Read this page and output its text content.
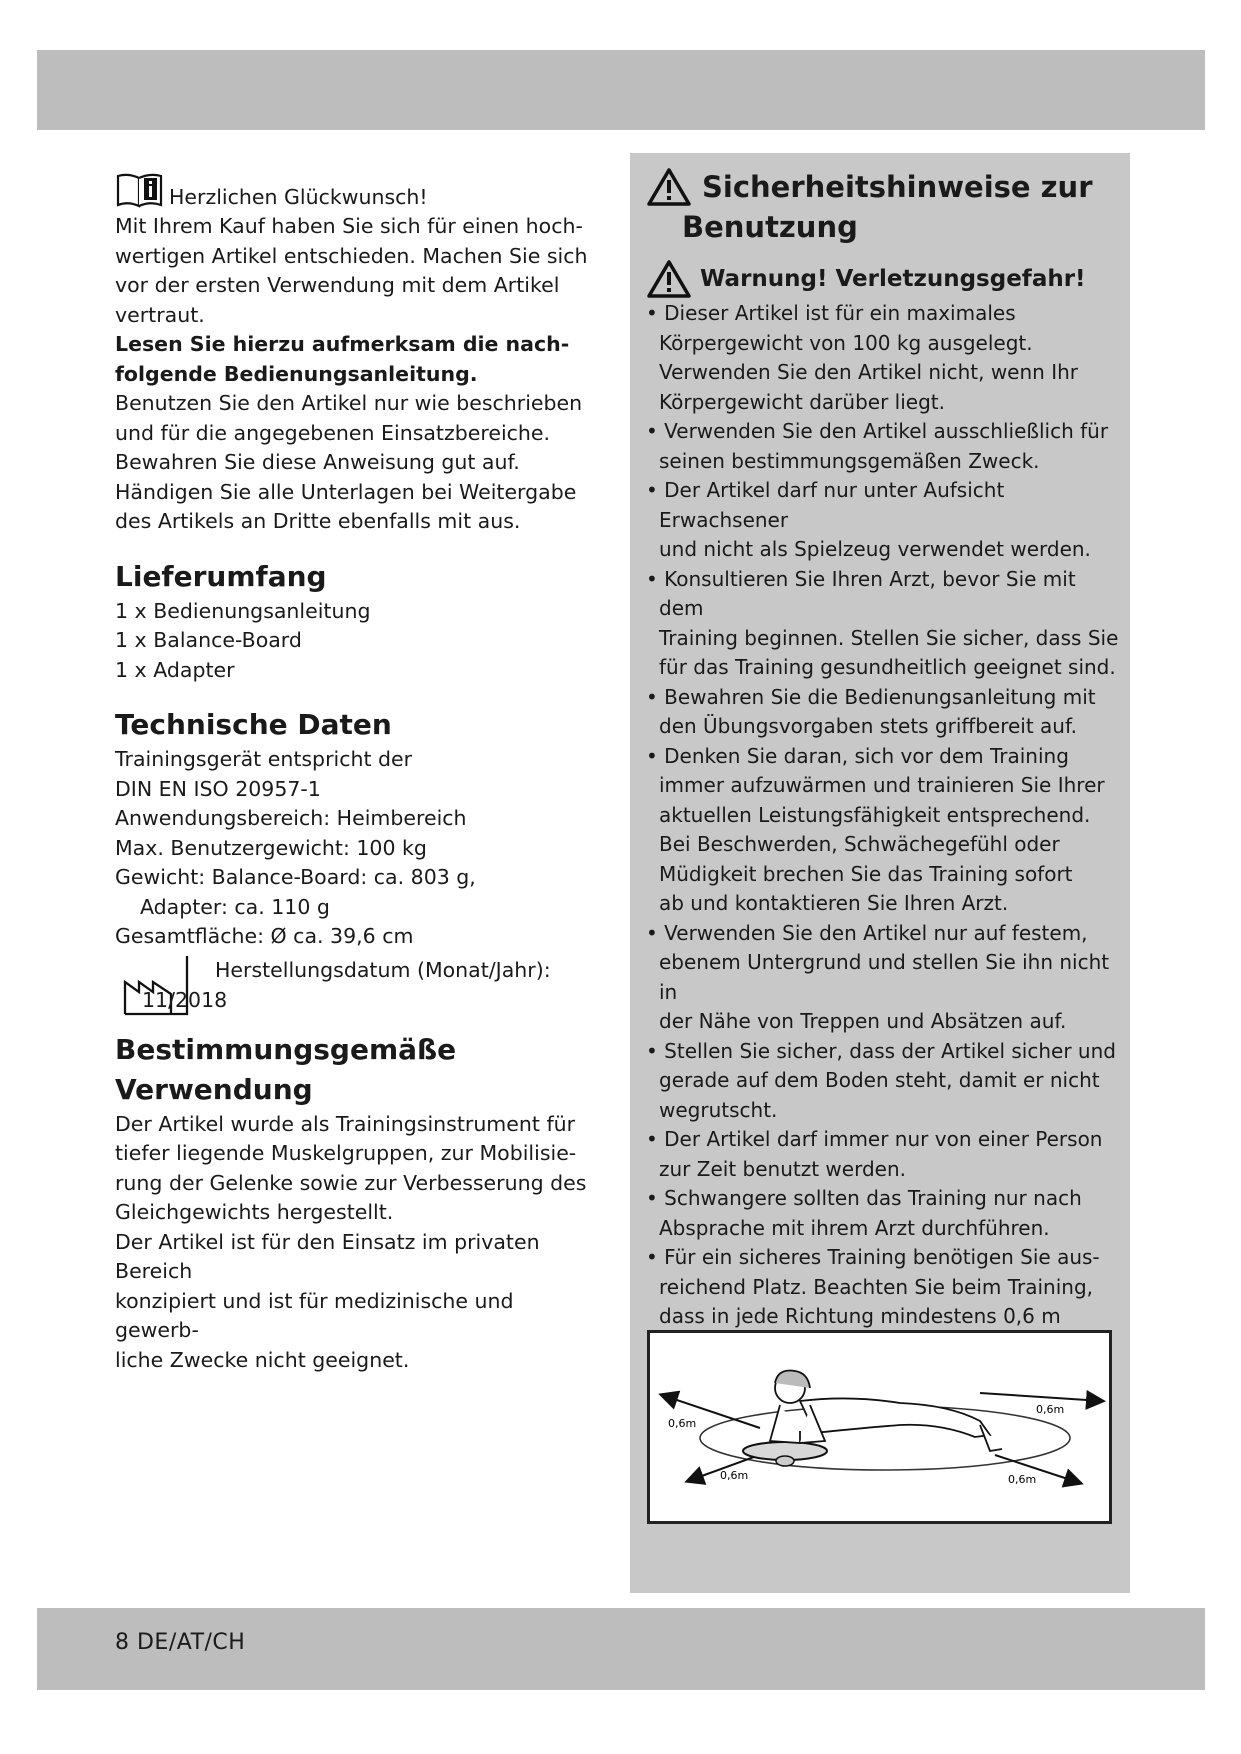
Herzlichen Glückwunsch!

Mit Ihrem Kauf haben Sie sich für einen hoch-

wertigen Artikel entschieden. Machen Sie sich

vor der ersten Verwendung mit dem Artikel

vertraut.

Lesen Sie hierzu aufmerksam die nach-

folgende Bedienungsanleitung.

Benutzen Sie den Artikel nur wie beschrieben

und für die angegebenen Einsatzbereiche.

Bewahren Sie diese Anweisung gut auf.

Händigen Sie alle Unterlagen bei Weitergabe

des Artikels an Dritte ebenfalls mit aus.

Lieferumfang

1 x Bedienungsanleitung

1 x Balance-Board

1 x Adapter

Technische Daten

Trainingsgerät entspricht der

DIN EN ISO 20957-1

Anwendungsbereich: Heimbereich

Max. Benutzergewicht: 100 kg

Gewicht: Balance-Board: ca. 803 g,

Adapter: ca. 110 g

Gesamtfläche: Ø ca. 39,6 cm

Herstellungsdatum (Monat/Jahr):

11/2018

Bestimmungsgemäße
Verwendung

Der Artikel wurde als Trainingsinstrument für

tiefer liegende Muskelgruppen, zur Mobilisie-

rung der Gelenke sowie zur Verbesserung des

Gleichgewichts hergestellt.

Der Artikel ist für den Einsatz im privaten Bereich

konzipiert und ist für medizinische und gewerb-

liche Zwecke nicht geeignet.

Sicherheitshinweise zur
Benutzung
Warnung! Verletzungsgefahr!

• Dieser Artikel ist für ein maximales

Körpergewicht von 100 kg ausgelegt.

Verwenden Sie den Artikel nicht, wenn Ihr

Körpergewicht darüber liegt.

• Verwenden Sie den Artikel ausschließlich für

seinen bestimmungsgemäßen Zweck.

• Der Artikel darf nur unter Aufsicht Erwachsener

und nicht als Spielzeug verwendet werden.

• Konsultieren Sie Ihren Arzt, bevor Sie mit dem

Training beginnen. Stellen Sie sicher, dass Sie

für das Training gesundheitlich geeignet sind.

• Bewahren Sie die Bedienungsanleitung mit

den Übungsvorgaben stets griffbereit auf.

• Denken Sie daran, sich vor dem Training

immer aufzuwärmen und trainieren Sie Ihrer

aktuellen Leistungsfähigkeit entsprechend.

Bei Beschwerden, Schwächegefühl oder

Müdigkeit brechen Sie das Training sofort

ab und kontaktieren Sie Ihren Arzt.

• Verwenden Sie den Artikel nur auf festem,

ebenem Untergrund und stellen Sie ihn nicht in

der Nähe von Treppen und Absätzen auf.

• Stellen Sie sicher, dass der Artikel sicher und

gerade auf dem Boden steht, damit er nicht

wegrutscht.

• Der Artikel darf immer nur von einer Person

zur Zeit benutzt werden.

• Schwangere sollten das Training nur nach

Absprache mit ihrem Arzt durchführen.

• Für ein sicheres Training benötigen Sie aus-

reichend Platz. Beachten Sie beim Training,

dass in jede Richtung mindestens 0,6 m

0,6m
0,6m
0,6m
0,6m
8 DE/AT/CH
